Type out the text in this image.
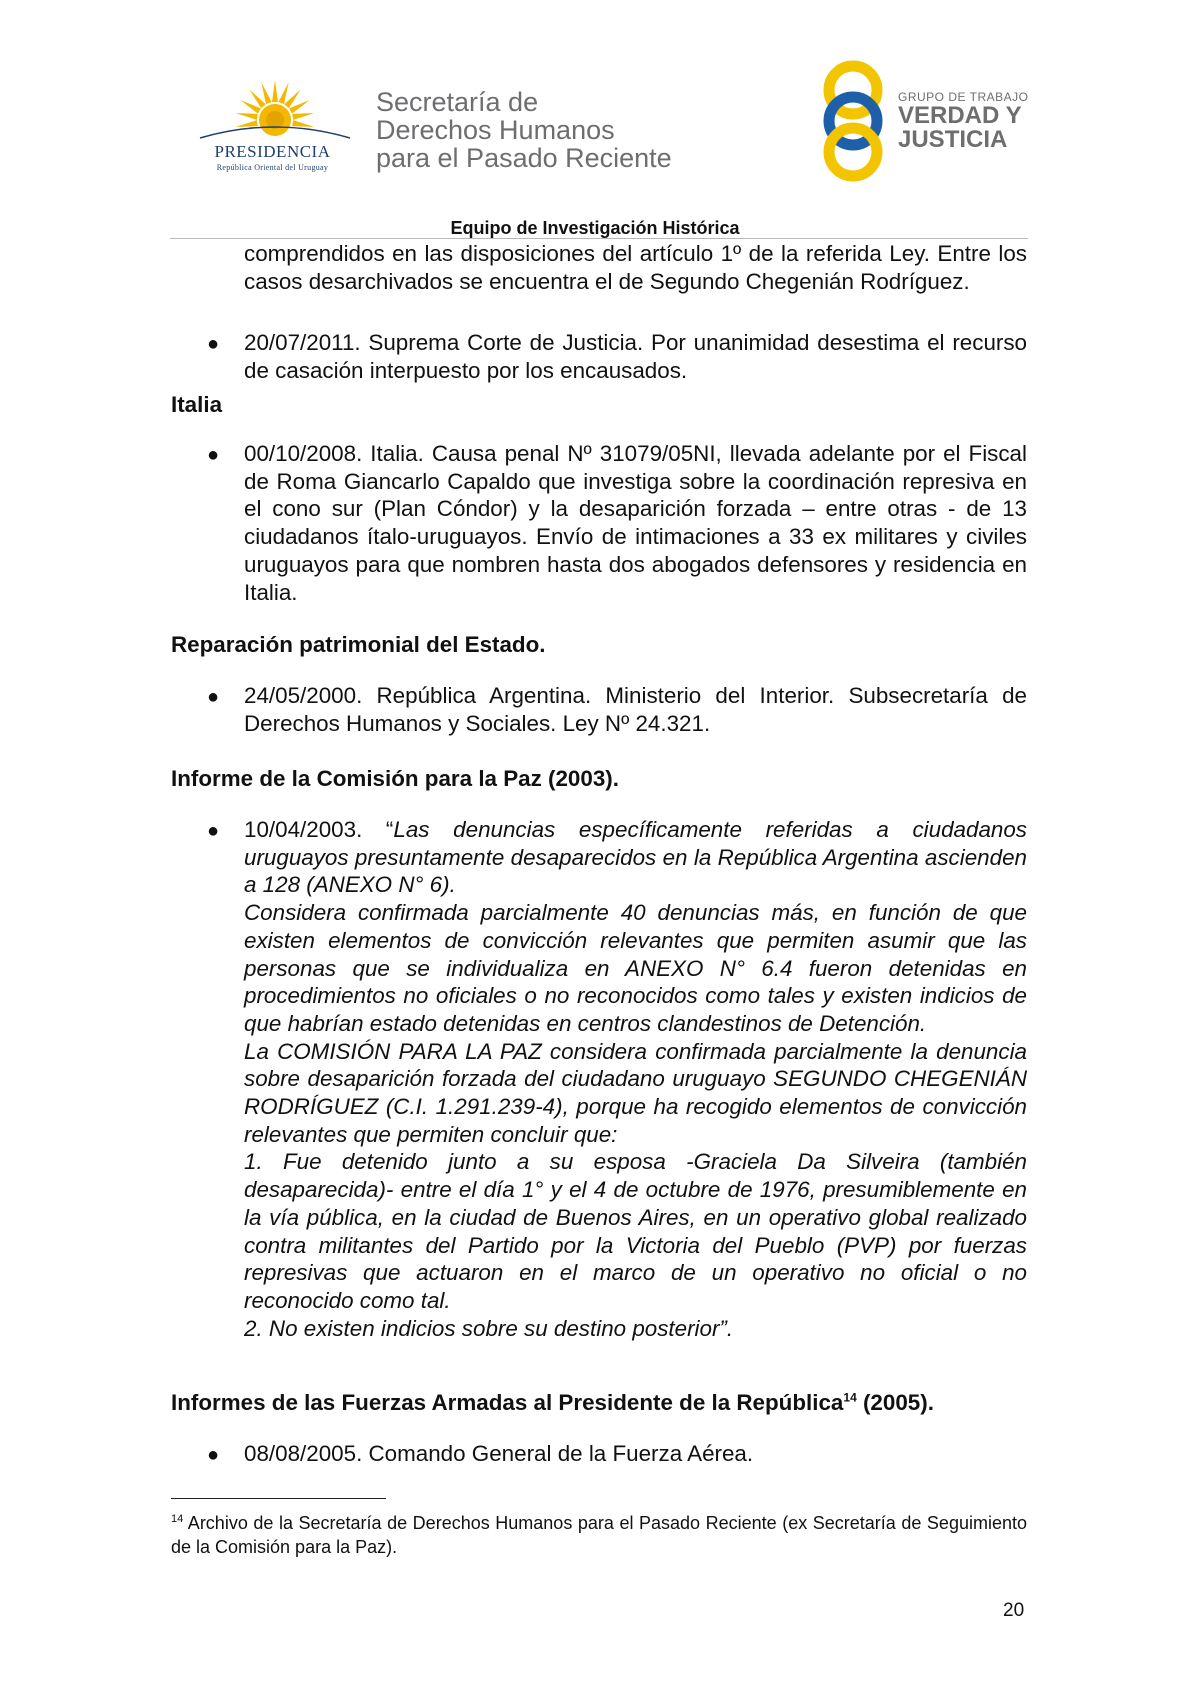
PRESIDENCIA
República Oriental del Uruguay
Secretaría de
Derechos Humanos
para el Pasado Reciente
GRUPO DE TRABAJO
VERDAD Y
JUSTICIA
Equipo de Investigación Histórica
comprendidos en las disposiciones del artículo 1º de la referida Ley. Entre los casos desarchivados se encuentra el de Segundo Chegenián Rodríguez.
● 20/07/2011. Suprema Corte de Justicia. Por unanimidad desestima el recurso de casación interpuesto por los encausados.
Italia
● 00/10/2008. Italia. Causa penal Nº 31079/05NI, llevada adelante por el Fiscal de Roma Giancarlo Capaldo que investiga sobre la coordinación represiva en el cono sur (Plan Cóndor) y la desaparición forzada – entre otras - de 13 ciudadanos ítalo-uruguayos. Envío de intimaciones a 33 ex militares y civiles uruguayos para que nombren hasta dos abogados defensores y residencia en Italia.
Reparación patrimonial del Estado.
● 24/05/2000. República Argentina. Ministerio del Interior. Subsecretaría de Derechos Humanos y Sociales. Ley Nº 24.321.
Informe de la Comisión para la Paz (2003).
● 10/04/2003. “Las denuncias específicamente referidas a ciudadanos uruguayos presuntamente desaparecidos en la República Argentina ascienden a 128 (ANEXO N° 6).
Considera confirmada parcialmente 40 denuncias más, en función de que existen elementos de convicción relevantes que permiten asumir que las personas que se individualiza en ANEXO N° 6.4 fueron detenidas en procedimientos no oficiales o no reconocidos como tales y existen indicios de que habrían estado detenidas en centros clandestinos de Detención.
La COMISIÓN PARA LA PAZ considera confirmada parcialmente la denuncia sobre desaparición forzada del ciudadano uruguayo SEGUNDO CHEGENIÁN RODRÍGUEZ (C.I. 1.291.239-4), porque ha recogido elementos de convicción relevantes que permiten concluir que:
1. Fue detenido junto a su esposa -Graciela Da Silveira (también desaparecida)- entre el día 1° y el 4 de octubre de 1976, presumiblemente en la vía pública, en la ciudad de Buenos Aires, en un operativo global realizado contra militantes del Partido por la Victoria del Pueblo (PVP) por fuerzas represivas que actuaron en el marco de un operativo no oficial o no reconocido como tal.
2. No existen indicios sobre su destino posterior”.
Informes de las Fuerzas Armadas al Presidente de la República$^{14}$ (2005).
● 08/08/2005. Comando General de la Fuerza Aérea.
$^{14}$ Archivo de la Secretaría de Derechos Humanos para el Pasado Reciente (ex Secretaría de Seguimiento de la Comisión para la Paz).
20
